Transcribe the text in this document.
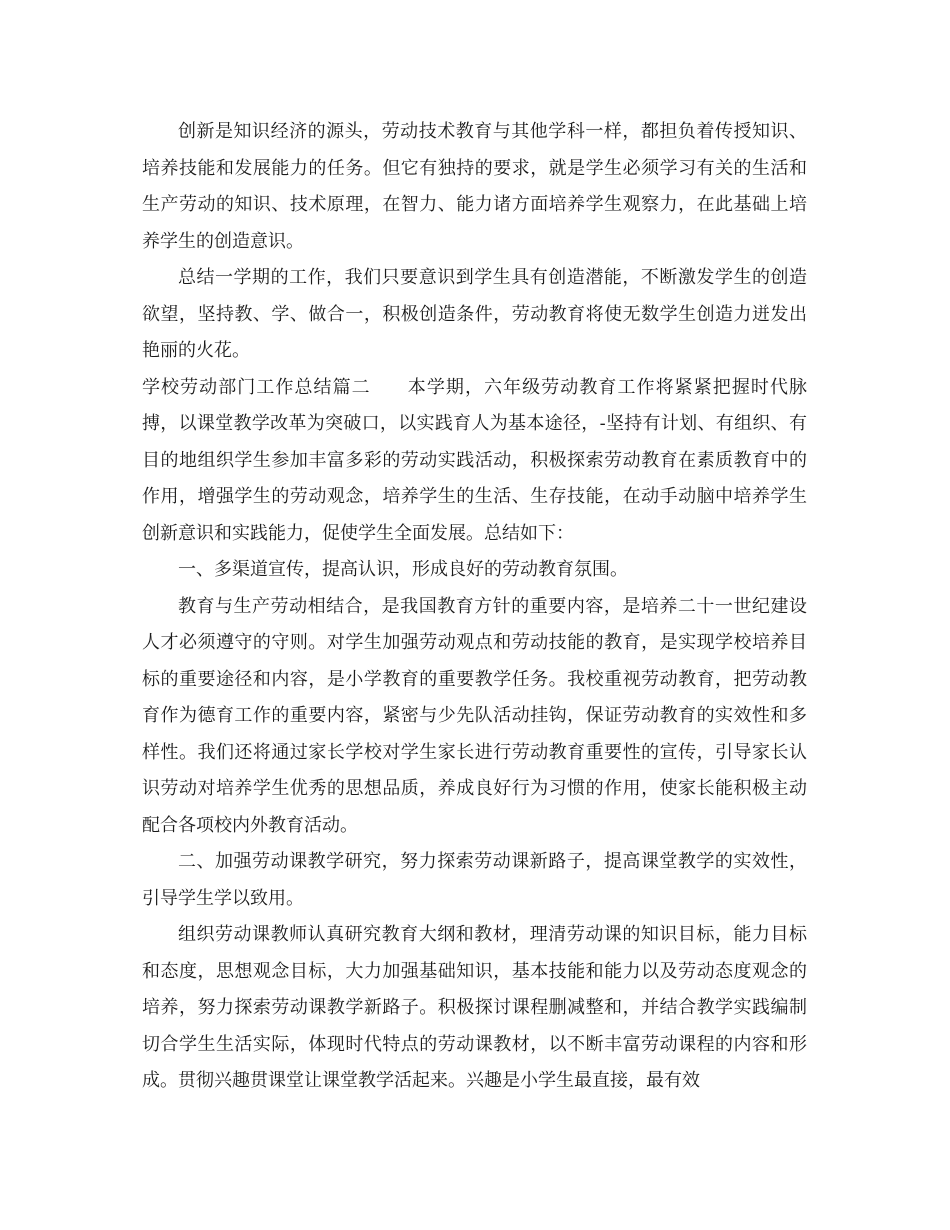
创新是知识经济的源头，劳动技术教育与其他学科一样，都担负着传授知识、培养技能和发展能力的任务。但它有独持的要求，就是学生必须学习有关的生活和生产劳动的知识、技术原理，在智力、能力诸方面培养学生观察力，在此基础上培养学生的创造意识。

总结一学期的工作，我们只要意识到学生具有创造潜能，不断激发学生的创造欲望，坚持教、学、做合一，积极创造条件，劳动教育将使无数学生创造力迸发出艳丽的火花。

学校劳动部门工作总结篇二 本学期，六年级劳动教育工作将紧紧把握时代脉搏，以课堂教学改革为突破口，以实践育人为基本途径，-坚持有计划、有组织、有目的地组织学生参加丰富多彩的劳动实践活动，积极探索劳动教育在素质教育中的作用，增强学生的劳动观念，培养学生的生活、生存技能，在动手动脑中培养学生创新意识和实践能力，促使学生全面发展。总结如下：

一、多渠道宣传，提高认识，形成良好的劳动教育氛围。

教育与生产劳动相结合，是我国教育方针的重要内容，是培养二十一世纪建设人才必须遵守的守则。对学生加强劳动观点和劳动技能的教育，是实现学校培养目标的重要途径和内容，是小学教育的重要教学任务。我校重视劳动教育，把劳动教育作为德育工作的重要内容，紧密与少先队活动挂钩，保证劳动教育的实效性和多样性。我们还将通过家长学校对学生家长进行劳动教育重要性的宣传，引导家长认识劳动对培养学生优秀的思想品质，养成良好行为习惯的作用，使家长能积极主动配合各项校内外教育活动。

二、加强劳动课教学研究，努力探索劳动课新路子，提高课堂教学的实效性，引导学生学以致用。

组织劳动课教师认真研究教育大纲和教材，理清劳动课的知识目标，能力目标和态度，思想观念目标，大力加强基础知识，基本技能和能力以及劳动态度观念的培养，努力探索劳动课教学新路子。积极探讨课程删减整和，并结合教学实践编制切合学生生活实际，体现时代特点的劳动课教材，以不断丰富劳动课程的内容和形成。贯彻兴趣贯课堂让课堂教学活起来。兴趣是小学生最直接，最有效
